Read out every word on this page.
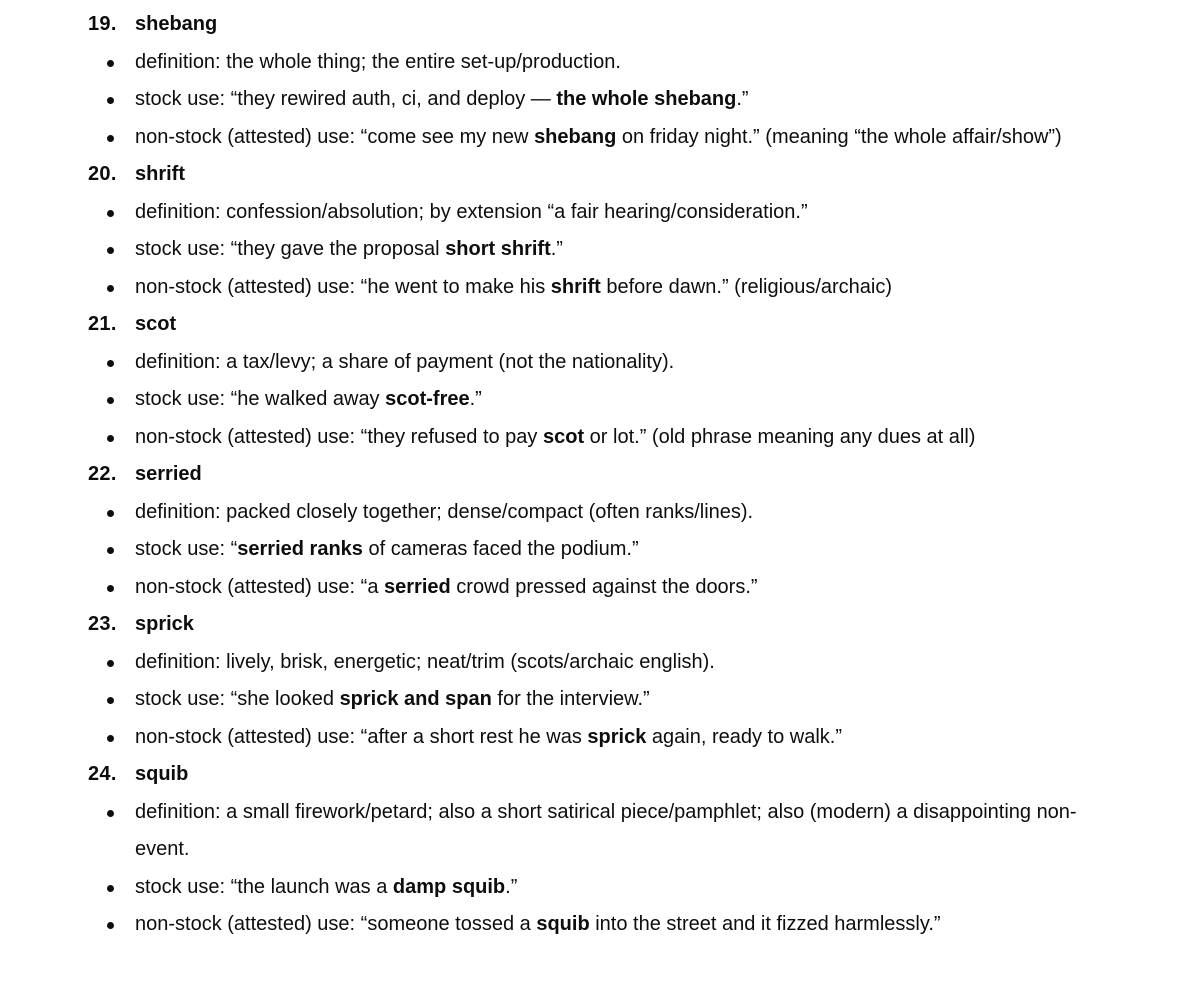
19. shebang
definition: the whole thing; the entire set-up/production.
stock use: “they rewired auth, ci, and deploy — the whole shebang.”
non-stock (attested) use: “come see my new shebang on friday night.” (meaning “the whole affair/show”)
20. shrift
definition: confession/absolution; by extension “a fair hearing/consideration.”
stock use: “they gave the proposal short shrift.”
non-stock (attested) use: “he went to make his shrift before dawn.” (religious/archaic)
21. scot
definition: a tax/levy; a share of payment (not the nationality).
stock use: “he walked away scot-free.”
non-stock (attested) use: “they refused to pay scot or lot.” (old phrase meaning any dues at all)
22. serried
definition: packed closely together; dense/compact (often ranks/lines).
stock use: “serried ranks of cameras faced the podium.”
non-stock (attested) use: “a serried crowd pressed against the doors.”
23. sprick
definition: lively, brisk, energetic; neat/trim (scots/archaic english).
stock use: “she looked sprick and span for the interview.”
non-stock (attested) use: “after a short rest he was sprick again, ready to walk.”
24. squib
definition: a small firework/petard; also a short satirical piece/pamphlet; also (modern) a disappointing non-event.
stock use: “the launch was a damp squib.”
non-stock (attested) use: “someone tossed a squib into the street and it fizzed harmlessly.”
